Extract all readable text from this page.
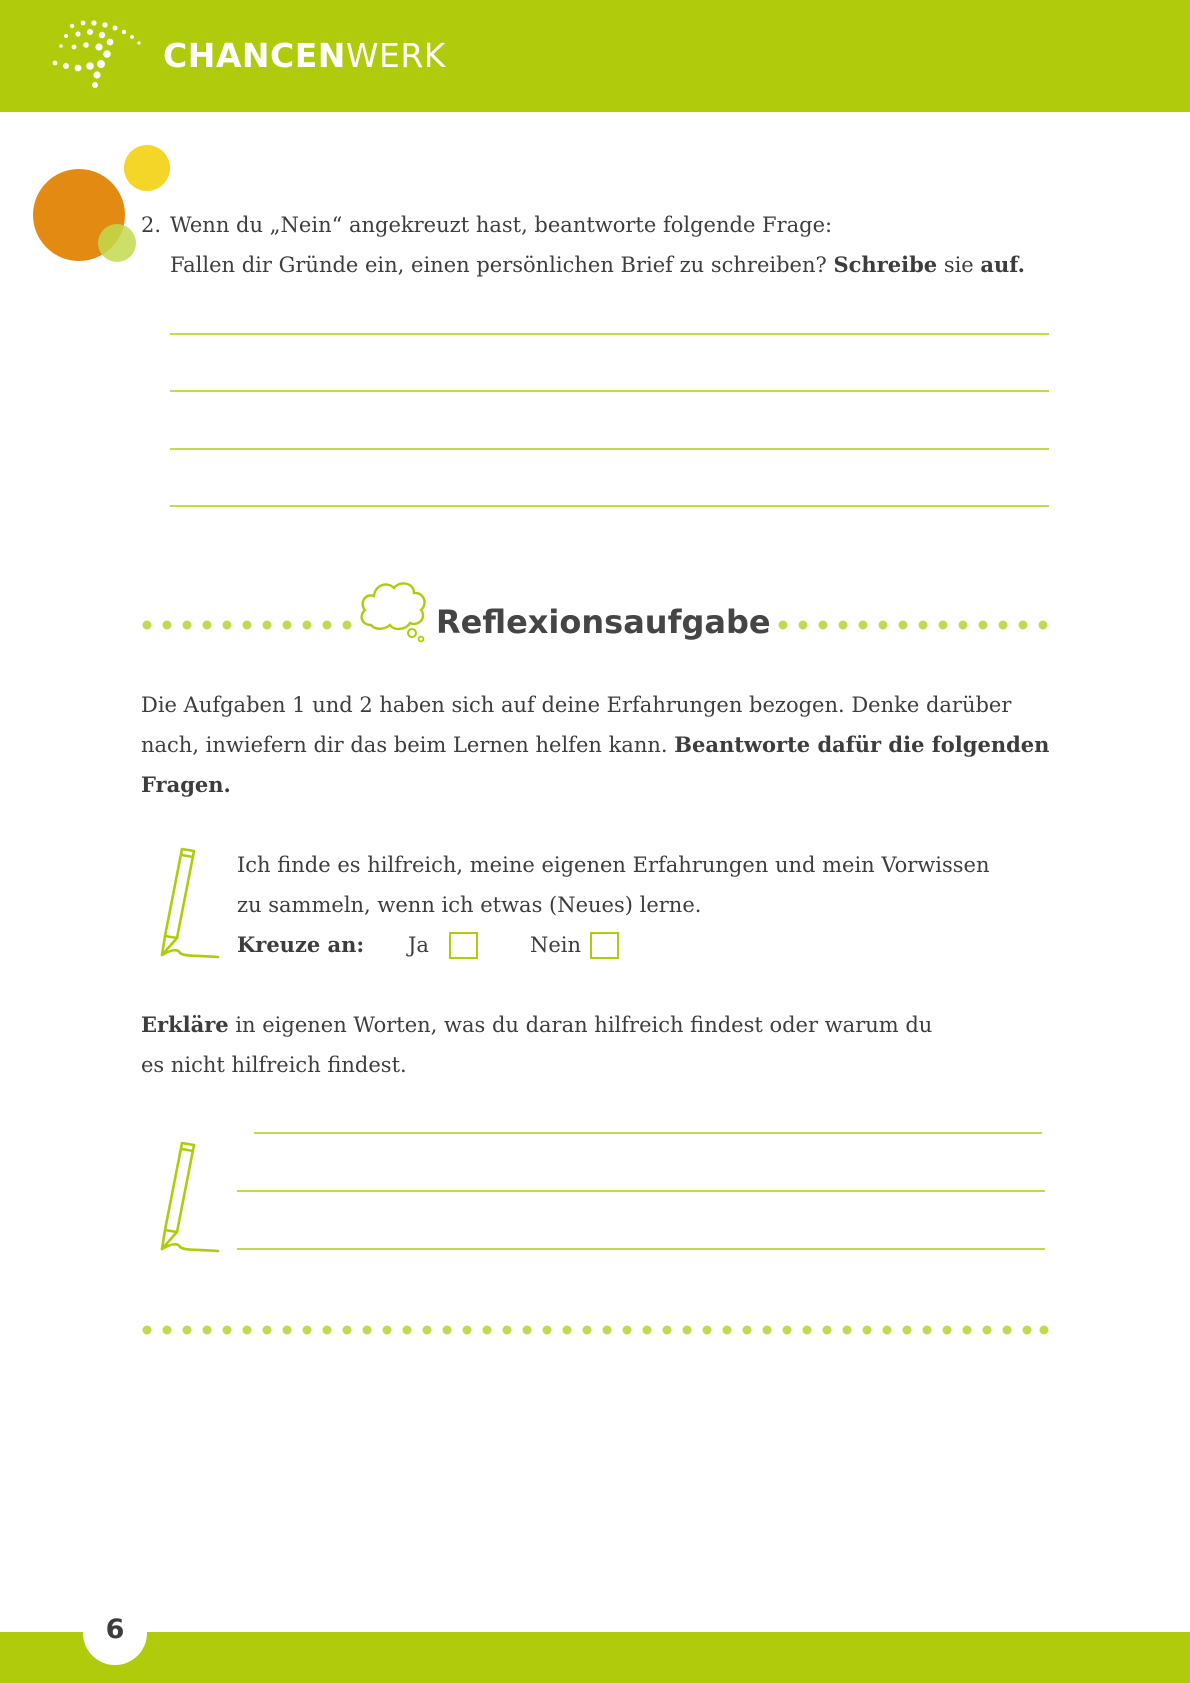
CHANCENWERK
2. Wenn du „Nein“ angekreuzt hast, beantworte folgende Frage:
Fallen dir Gründe ein, einen persönlichen Brief zu schreiben? Schreibe sie auf.
Reflexionsaufgabe
Die Aufgaben 1 und 2 haben sich auf deine Erfahrungen bezogen. Denke darüber
nach, inwiefern dir das beim Lernen helfen kann. Beantworte dafür die folgenden
Fragen.
Ich finde es hilfreich, meine eigenen Erfahrungen und mein Vorwissen
zu sammeln, wenn ich etwas (Neues) lerne.
Kreuze an: Ja	Nein
Erkläre in eigenen Worten, was du daran hilfreich findest oder warum du
es nicht hilfreich findest.
6
